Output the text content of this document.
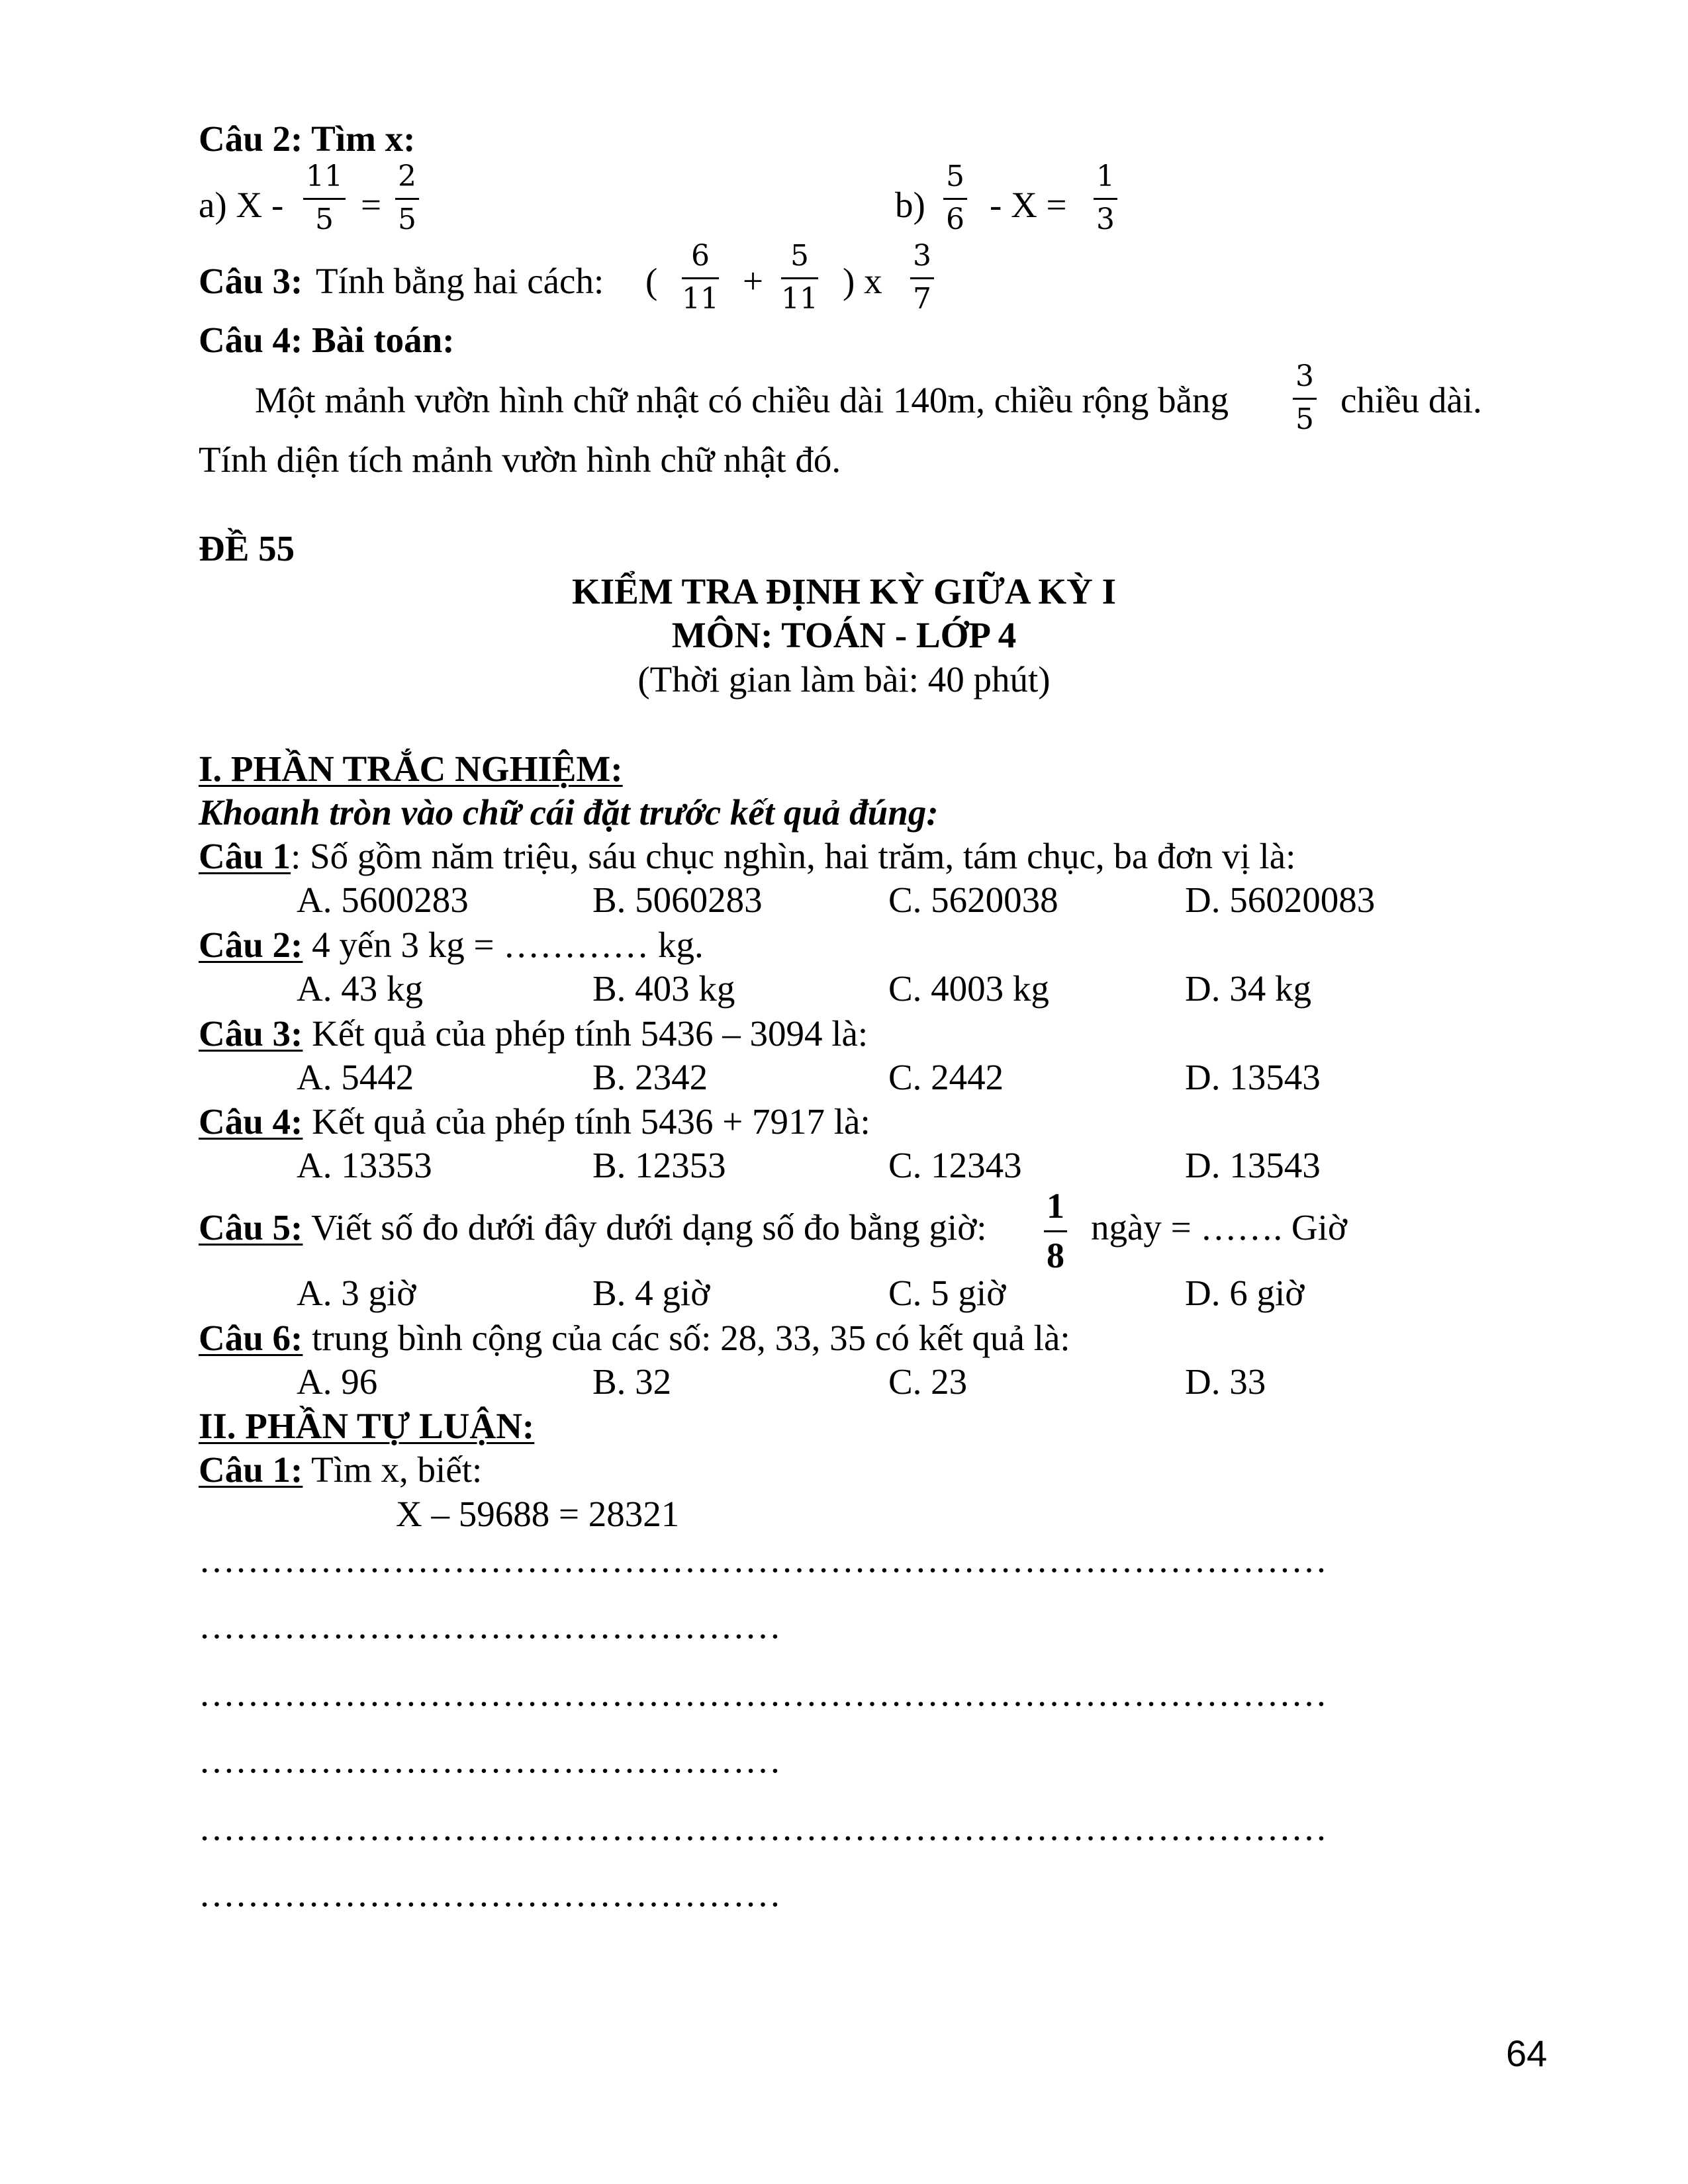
Câu 2: Tìm x:
a) $X - \frac{11}{5} = \frac{2}{5}$	$b) \frac{5}{6} - X = \frac{1}{3}$
Câu 3: Tính bằng hai cách: ( $\frac{6}{11} + \frac{5}{11}$ ) x $\frac{3}{7}$
Câu 4: Bài toán:
Một mảnh vườn hình chữ nhật có chiều dài 140m, chiều rộng bằng $\frac{3}{5}$ chiều dài.
Tính diện tích mảnh vườn hình chữ nhật đó.
ĐỀ 55
KIỂM TRA ĐỊNH KỲ GIỮA KỲ I
MÔN: TOÁN - LỚP 4
(Thời gian làm bài: 40 phút)
I. PHẦN TRẮC NGHIỆM:
Khoanh tròn vào chữ cái đặt trước kết quả đúng:
Câu 1: Số gồm năm triệu, sáu chục nghìn, hai trăm, tám chục, ba đơn vị là:
A. 5600283	B. 5060283	C. 5620038	D. 56020083
Câu 2: 4 yến 3 kg = ………… kg.
A. 43 kg	B. 403 kg	C. 4003 kg	D. 34 kg
Câu 3: Kết quả của phép tính 5436 – 3094 là:
A. 5442	B. 2342	C. 2442	D. 13543
Câu 4: Kết quả của phép tính 5436 + 7917 là:
A. 13353	B. 12353	C. 12343	D. 13543
Câu 5: Viết số đo dưới đây dưới dạng số đo bằng giờ: $\frac{1}{8}$ ngày = ……. Giờ
A. 3 giờ	B. 4 giờ	C. 5 giờ	D. 6 giờ
Câu 6: trung bình cộng của các số: 28, 33, 35 có kết quả là:
A. 96	B. 32	C. 23	D. 33
II. PHẦN TỰ LUẬN:
Câu 1: Tìm x, biết:
X – 59688 = 28321
…………………………………………………………………………………
…………………………………………
…………………………………………………………………………………
…………………………………………
…………………………………………………………………………………
…………………………………………
64
